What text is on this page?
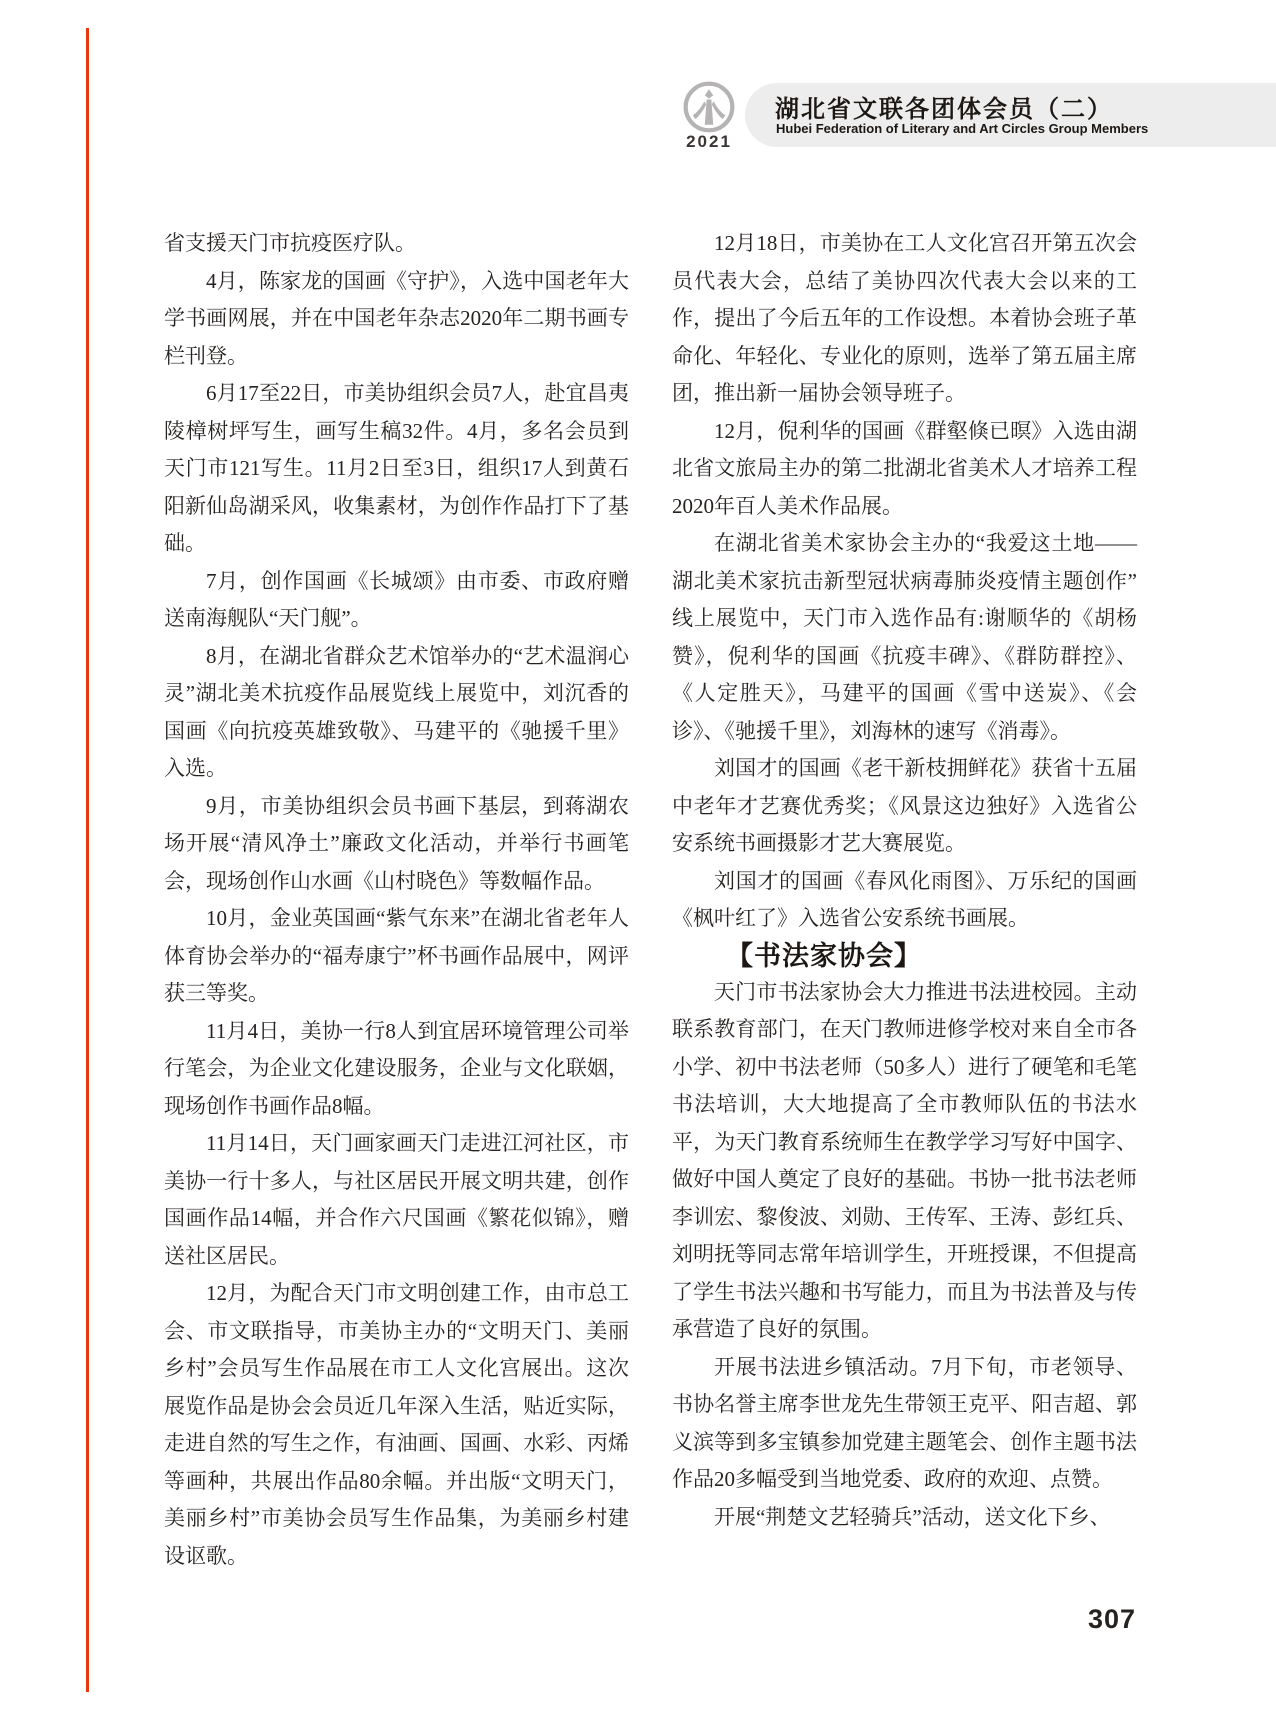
2021
湖北省文联各团体会员（二）
Hubei Federation of Literary and Art Circles Group Members

省支援天门市抗疫医疗队。

4月，陈家龙的国画《守护》，入选中国老年大学书画网展，并在中国老年杂志2020年二期书画专栏刊登。

6月17至22日，市美协组织会员7人，赴宜昌夷陵樟树坪写生，画写生稿32件。4月，多名会员到天门市121写生。11月2日至3日，组织17人到黄石阳新仙岛湖采风，收集素材，为创作作品打下了基础。

7月，创作国画《长城颂》由市委、市政府赠送南海舰队“天门舰”。

8月，在湖北省群众艺术馆举办的“艺术温润心灵”湖北美术抗疫作品展览线上展览中，刘沉香的国画《向抗疫英雄致敬》、马建平的《驰援千里》入选。

9月，市美协组织会员书画下基层，到蒋湖农场开展“清风净土”廉政文化活动，并举行书画笔会，现场创作山水画《山村晓色》等数幅作品。

10月，金业英国画“紫气东来”在湖北省老年人体育协会举办的“福寿康宁”杯书画作品展中，网评获三等奖。

11月4日，美协一行8人到宜居环境管理公司举行笔会，为企业文化建设服务，企业与文化联姻，现场创作书画作品8幅。

11月14日，天门画家画天门走进江河社区，市美协一行十多人，与社区居民开展文明共建，创作国画作品14幅，并合作六尺国画《繁花似锦》，赠送社区居民。

12月，为配合天门市文明创建工作，由市总工会、市文联指导，市美协主办的“文明天门、美丽乡村”会员写生作品展在市工人文化宫展出。这次展览作品是协会会员近几年深入生活，贴近实际，走进自然的写生之作，有油画、国画、水彩、丙烯等画种，共展出作品80余幅。并出版“文明天门，美丽乡村”市美协会员写生作品集，为美丽乡村建设讴歌。

12月18日，市美协在工人文化宫召开第五次会员代表大会，总结了美协四次代表大会以来的工作，提出了今后五年的工作设想。本着协会班子革命化、年轻化、专业化的原则，选举了第五届主席团，推出新一届协会领导班子。

12月，倪利华的国画《群壑倏已暝》入选由湖北省文旅局主办的第二批湖北省美术人才培养工程2020年百人美术作品展。

在湖北省美术家协会主办的“我爱这土地——湖北美术家抗击新型冠状病毒肺炎疫情主题创作”线上展览中，天门市入选作品有:谢顺华的《胡杨赞》，倪利华的国画《抗疫丰碑》、《群防群控》、《人定胜天》，马建平的国画《雪中送炭》、《会诊》、《驰援千里》，刘海林的速写《消毒》。

刘国才的国画《老干新枝拥鲜花》获省十五届中老年才艺赛优秀奖；《风景这边独好》入选省公安系统书画摄影才艺大赛展览。

刘国才的国画《春风化雨图》、万乐纪的国画《枫叶红了》入选省公安系统书画展。

【书法家协会】

天门市书法家协会大力推进书法进校园。主动联系教育部门，在天门教师进修学校对来自全市各小学、初中书法老师（50多人）进行了硬笔和毛笔书法培训，大大地提高了全市教师队伍的书法水平，为天门教育系统师生在教学学习写好中国字、做好中国人奠定了良好的基础。书协一批书法老师李训宏、黎俊波、刘勋、王传军、王涛、彭红兵、刘明抚等同志常年培训学生，开班授课，不但提高了学生书法兴趣和书写能力，而且为书法普及与传承营造了良好的氛围。

开展书法进乡镇活动。7月下旬，市老领导、书协名誉主席李世龙先生带领王克平、阳吉超、郭义滨等到多宝镇参加党建主题笔会、创作主题书法作品20多幅受到当地党委、政府的欢迎、点赞。

开展“荆楚文艺轻骑兵”活动，送文化下乡、

307
